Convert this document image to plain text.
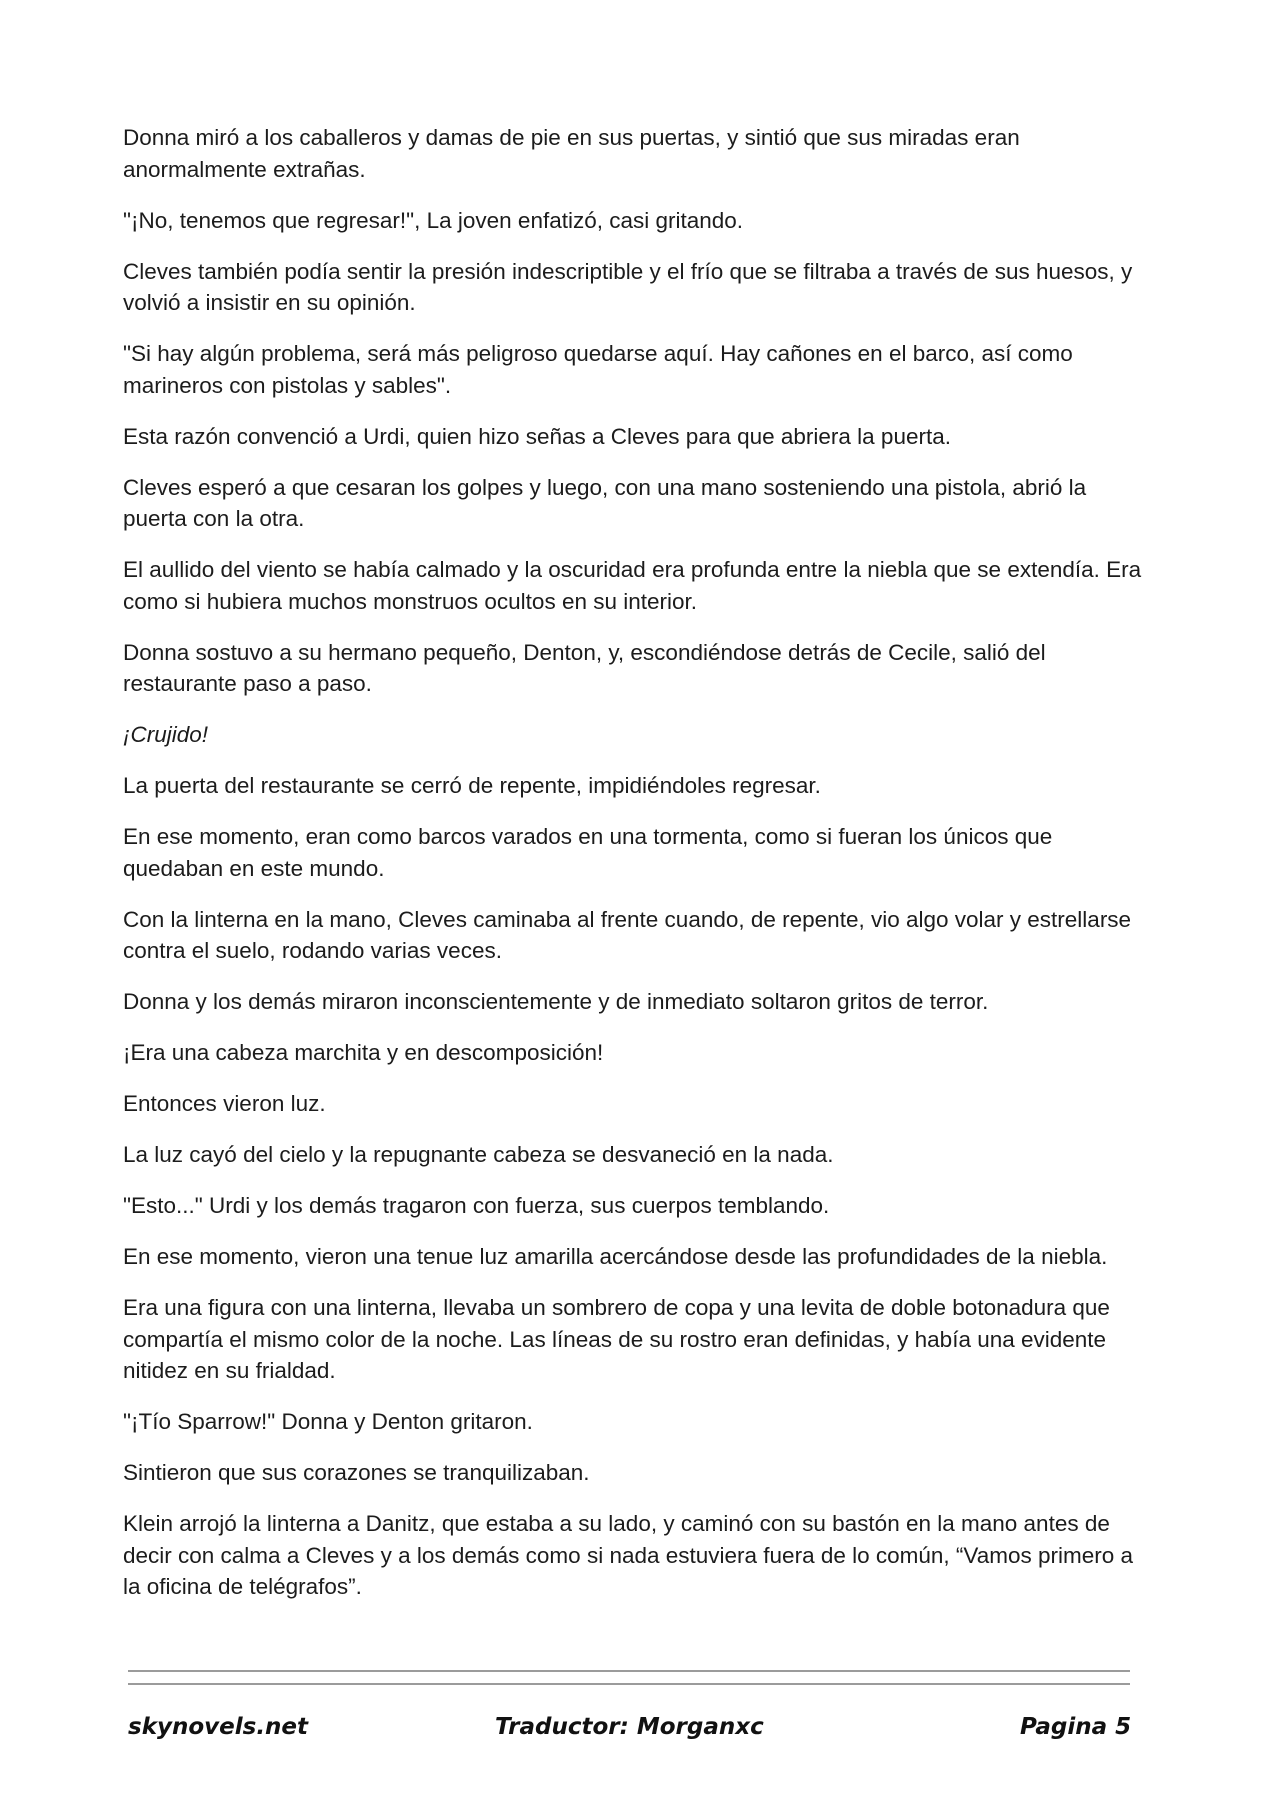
Donna miró a los caballeros y damas de pie en sus puertas, y sintió que sus miradas eran anormalmente extrañas.

"¡No, tenemos que regresar!", La joven enfatizó, casi gritando.

Cleves también podía sentir la presión indescriptible y el frío que se filtraba a través de sus huesos, y volvió a insistir en su opinión.

"Si hay algún problema, será más peligroso quedarse aquí. Hay cañones en el barco, así como marineros con pistolas y sables".

Esta razón convenció a Urdi, quien hizo señas a Cleves para que abriera la puerta.

Cleves esperó a que cesaran los golpes y luego, con una mano sosteniendo una pistola, abrió la puerta con la otra.

El aullido del viento se había calmado y la oscuridad era profunda entre la niebla que se extendía. Era como si hubiera muchos monstruos ocultos en su interior.

Donna sostuvo a su hermano pequeño, Denton, y, escondiéndose detrás de Cecile, salió del restaurante paso a paso.

¡Crujido!

La puerta del restaurante se cerró de repente, impidiéndoles regresar.

En ese momento, eran como barcos varados en una tormenta, como si fueran los únicos que quedaban en este mundo.

Con la linterna en la mano, Cleves caminaba al frente cuando, de repente, vio algo volar y estrellarse contra el suelo, rodando varias veces.

Donna y los demás miraron inconscientemente y de inmediato soltaron gritos de terror.

¡Era una cabeza marchita y en descomposición!

Entonces vieron luz.

La luz cayó del cielo y la repugnante cabeza se desvaneció en la nada.

"Esto..." Urdi y los demás tragaron con fuerza, sus cuerpos temblando.

En ese momento, vieron una tenue luz amarilla acercándose desde las profundidades de la niebla.

Era una figura con una linterna, llevaba un sombrero de copa y una levita de doble botonadura que compartía el mismo color de la noche. Las líneas de su rostro eran definidas, y había una evidente nitidez en su frialdad.

"¡Tío Sparrow!" Donna y Denton gritaron.

Sintieron que sus corazones se tranquilizaban.

Klein arrojó la linterna a Danitz, que estaba a su lado, y caminó con su bastón en la mano antes de decir con calma a Cleves y a los demás como si nada estuviera fuera de lo común, “Vamos primero a la oficina de telégrafos”.

skynovels.net	Traductor: Morganxc	Pagina 5
